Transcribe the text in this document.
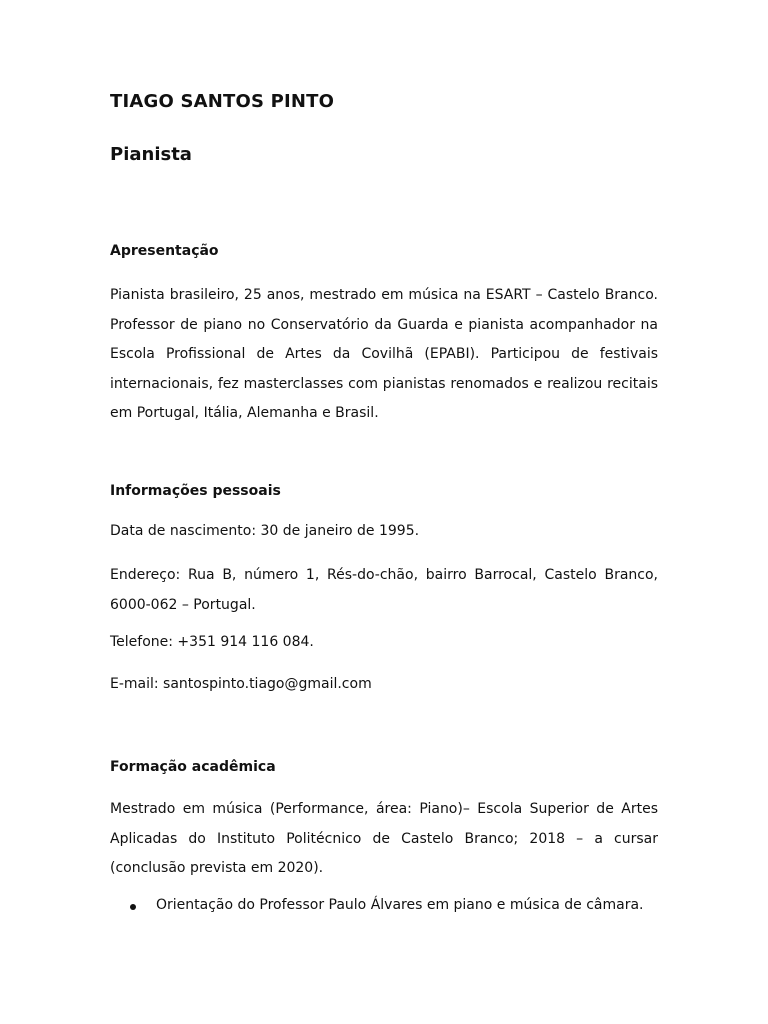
TIAGO SANTOS PINTO
Pianista
Apresentação

Pianista brasileiro, 25 anos, mestrado em música na ESART – Castelo Branco. Professor de piano no Conservatório da Guarda e pianista acompanhador na Escola Profissional de Artes da Covilhã (EPABI). Participou de festivais internacionais, fez masterclasses com pianistas renomados e realizou recitais em Portugal, Itália, Alemanha e Brasil.

Informações pessoais

Data de nascimento: 30 de janeiro de 1995.

Endereço: Rua B, número 1, Rés-do-chão, bairro Barrocal, Castelo Branco, 6000-062 – Portugal.

Telefone: +351 914 116 084.

E-mail: santospinto.tiago@gmail.com

Formação acadêmica

Mestrado em música (Performance, área: Piano)– Escola Superior de Artes Aplicadas do Instituto Politécnico de Castelo Branco; 2018 – a cursar (conclusão prevista em 2020).

Orientação do Professor Paulo Álvares em piano e música de câmara.
